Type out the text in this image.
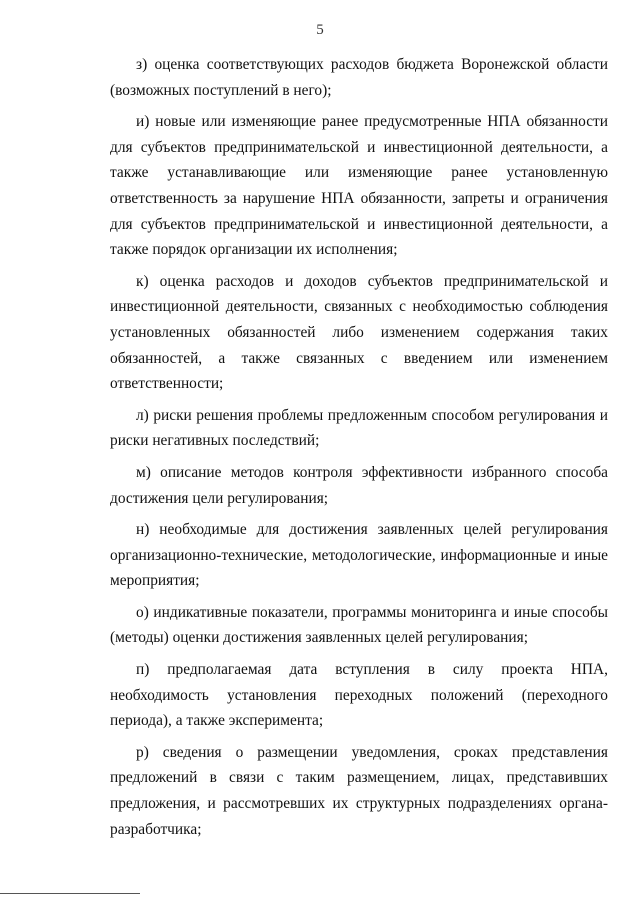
5

з) оценка соответствующих расходов бюджета Воронежской области (возможных поступлений в него);

и) новые или изменяющие ранее предусмотренные НПА обязанности для субъектов предпринимательской и инвестиционной деятельности, а также устанавливающие или изменяющие ранее установленную ответственность за нарушение НПА обязанности, запреты и ограничения для субъектов предпринимательской и инвестиционной деятельности, а также порядок организации их исполнения;

к) оценка расходов и доходов субъектов предпринимательской и инвестиционной деятельности, связанных с необходимостью соблюдения установленных обязанностей либо изменением содержания таких обязанностей, а также связанных с введением или изменением ответственности;

л) риски решения проблемы предложенным способом регулирования и риски негативных последствий;

м) описание методов контроля эффективности избранного способа достижения цели регулирования;

н) необходимые для достижения заявленных целей регулирования организационно-технические, методологические, информационные и иные мероприятия;

о) индикативные показатели, программы мониторинга и иные способы (методы) оценки достижения заявленных целей регулирования;

п) предполагаемая дата вступления в силу проекта НПА, необходимость установления переходных положений (переходного периода), а также эксперимента;

р) сведения о размещении уведомления, сроках представления предложений в связи с таким размещением, лицах, представивших предложения, и рассмотревших их структурных подразделениях органа-разработчика;
